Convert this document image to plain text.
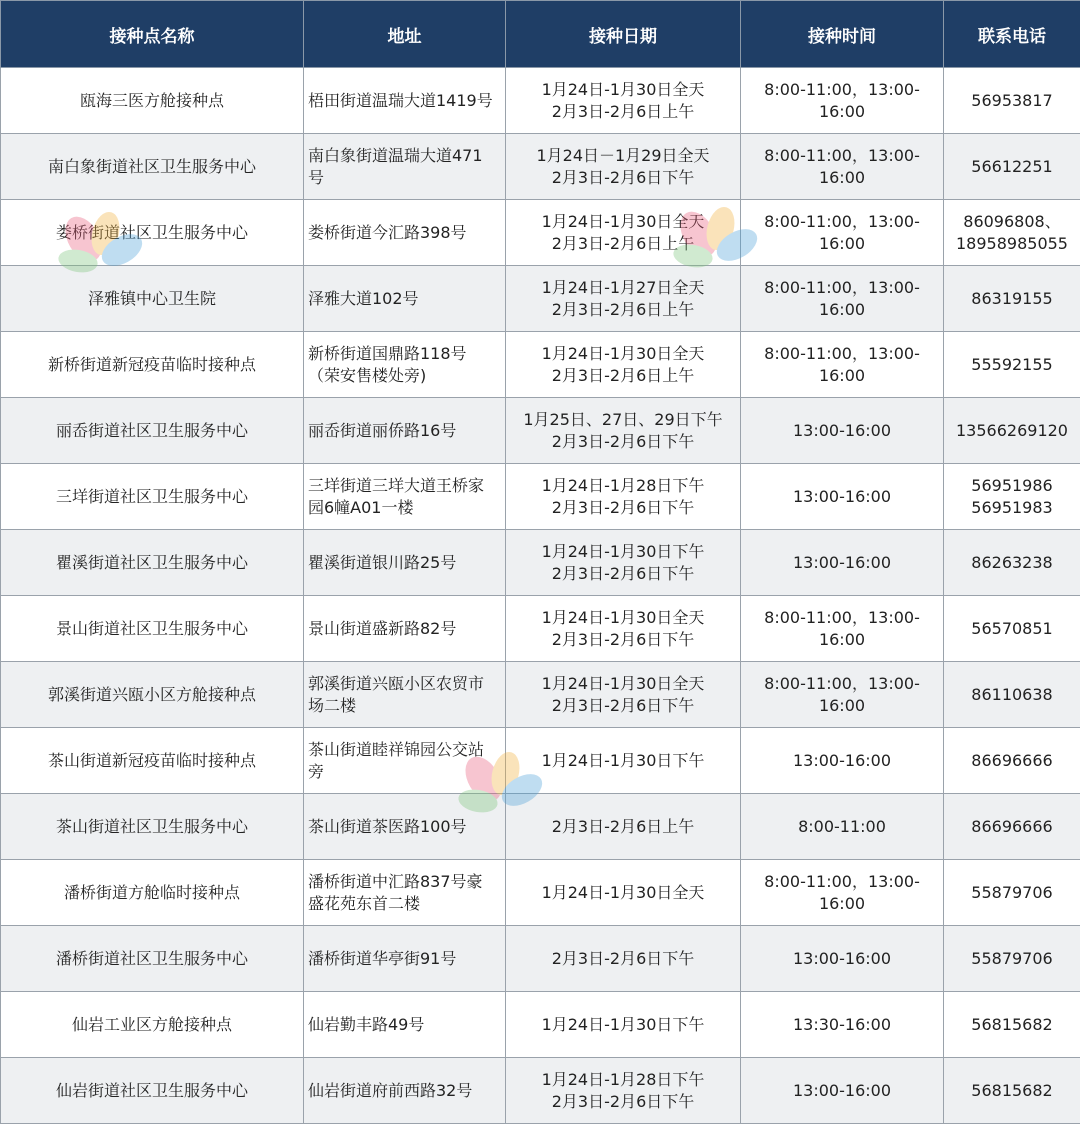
接种点名称	地址	接种日期	接种时间	联系电话
瓯海三医方舱接种点	梧田街道温瑞大道1419号	1月24日-1月30日全天
2月3日-2月6日上午	8:00-11:00，13:00-16:00	56953817

南白象街道社区卫生服务中心	南白象街道温瑞大道471
号	1月24日－1月29日全天
2月3日-2月6日下午	8:00-11:00，13:00-16:00	56612251

娄桥街道社区卫生服务中心	娄桥街道今汇路398号	1月24日-1月30日全天
2月3日-2月6日上午	8:00-11:00，13:00-16:00	86096808、
18958985055

泽雅镇中心卫生院	泽雅大道102号	1月24日-1月27日全天
2月3日-2月6日上午	8:00-11:00，13:00-16:00	86319155

新桥街道新冠疫苗临时接种点	新桥街道国鼎路118号
（荣安售楼处旁)	1月24日-1月30日全天
2月3日-2月6日上午	8:00-11:00，13:00-16:00	55592155

丽岙街道社区卫生服务中心	丽岙街道丽侨路16号	1月25日、27日、29日下午
2月3日-2月6日下午	13:00-16:00	13566269120

三垟街道社区卫生服务中心	三垟街道三垟大道王桥家
园6幢A01一楼	1月24日-1月28日下午
2月3日-2月6日下午	13:00-16:00	56951986
56951983

瞿溪街道社区卫生服务中心	瞿溪街道银川路25号	1月24日-1月30日下午
2月3日-2月6日下午	13:00-16:00	86263238

景山街道社区卫生服务中心	景山街道盛新路82号	1月24日-1月30日全天
2月3日-2月6日下午	8:00-11:00，13:00-16:00	56570851

郭溪街道兴瓯小区方舱接种点	郭溪街道兴瓯小区农贸市
场二楼	1月24日-1月30日全天
2月3日-2月6日下午	8:00-11:00，13:00-16:00	86110638

茶山街道新冠疫苗临时接种点	茶山街道睦祥锦园公交站
旁	1月24日-1月30日下午	13:00-16:00	86696666

茶山街道社区卫生服务中心	茶山街道茶医路100号	2月3日-2月6日上午	8:00-11:00	86696666

潘桥街道方舱临时接种点	潘桥街道中汇路837号豪
盛花苑东首二楼	1月24日-1月30日全天	8:00-11:00，13:00-16:00	55879706

潘桥街道社区卫生服务中心	潘桥街道华亭街91号	2月3日-2月6日下午	13:00-16:00	55879706

仙岩工业区方舱接种点	仙岩勤丰路49号	1月24日-1月30日下午	13:30-16:00	56815682

仙岩街道社区卫生服务中心	仙岩街道府前西路32号	1月24日-1月28日下午
2月3日-2月6日下午	13:00-16:00	56815682
